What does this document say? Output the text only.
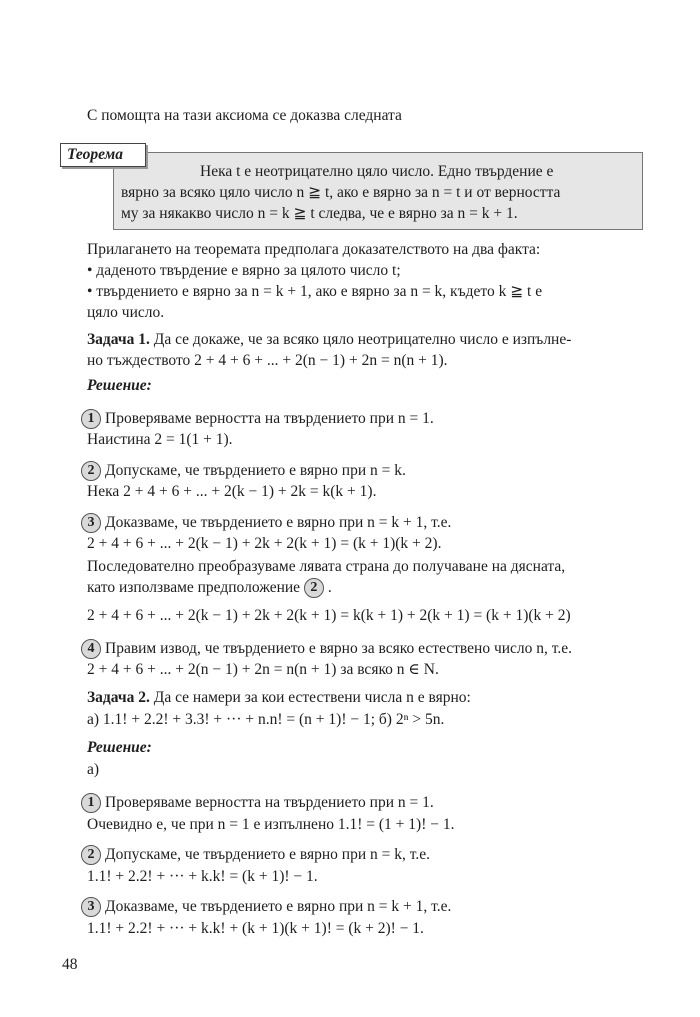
С помощта на тази аксиома се доказва следната
Теорема
Нека t е неотрицателно цяло число. Едно твърдение е
вярно за всяко цяло число n ≧ t, ако е вярно за n = t и от верността
му за някакво число n = k ≧ t следва, че е вярно за n = k + 1.
Прилагането на теоремата предполага доказателството на два факта:
• даденото твърдение е вярно за цялото число t;
• твърдението е вярно за n = k + 1, ако е вярно за n = k, където k ≧ t е
цяло число.
Задача 1. Да се докаже, че за всяко цяло неотрицателно число е изпълне-
но тъждеството 2 + 4 + 6 + ... + 2(n − 1) + 2n = n(n + 1).
Решение:
1 Проверяваме верността на твърдението при n = 1.
Наистина 2 = 1(1 + 1).
2 Допускаме, че твърдението е вярно при n = k.
Нека 2 + 4 + 6 + ... + 2(k − 1) + 2k = k(k + 1).
3 Доказваме, че твърдението е вярно при n = k + 1, т.е.
2 + 4 + 6 + ... + 2(k − 1) + 2k + 2(k + 1) = (k + 1)(k + 2).
Последователно преобразуваме лявата страна до получаване на дясната,
като използваме предположение 2 .
2 + 4 + 6 + ... + 2(k − 1) + 2k + 2(k + 1) = k(k + 1) + 2(k + 1) = (k + 1)(k + 2)
4 Правим извод, че твърдението е вярно за всяко естествено число n, т.е.
2 + 4 + 6 + ... + 2(n − 1) + 2n = n(n + 1) за всяко n ∈ N.
Задача 2. Да се намери за кои естествени числа n е вярно:
а) 1.1! + 2.2! + 3.3! + ··· + n.n! = (n + 1)! − 1; б) 2ⁿ > 5n.
Решение:
а)
1 Проверяваме верността на твърдението при n = 1.
Очевидно е, че при n = 1 е изпълнено 1.1! = (1 + 1)! − 1.
2 Допускаме, че твърдението е вярно при n = k, т.е.
1.1! + 2.2! + ··· + k.k! = (k + 1)! − 1.
3 Доказваме, че твърдението е вярно при n = k + 1, т.е.
1.1! + 2.2! + ··· + k.k! + (k + 1)(k + 1)! = (k + 2)! − 1.
48
